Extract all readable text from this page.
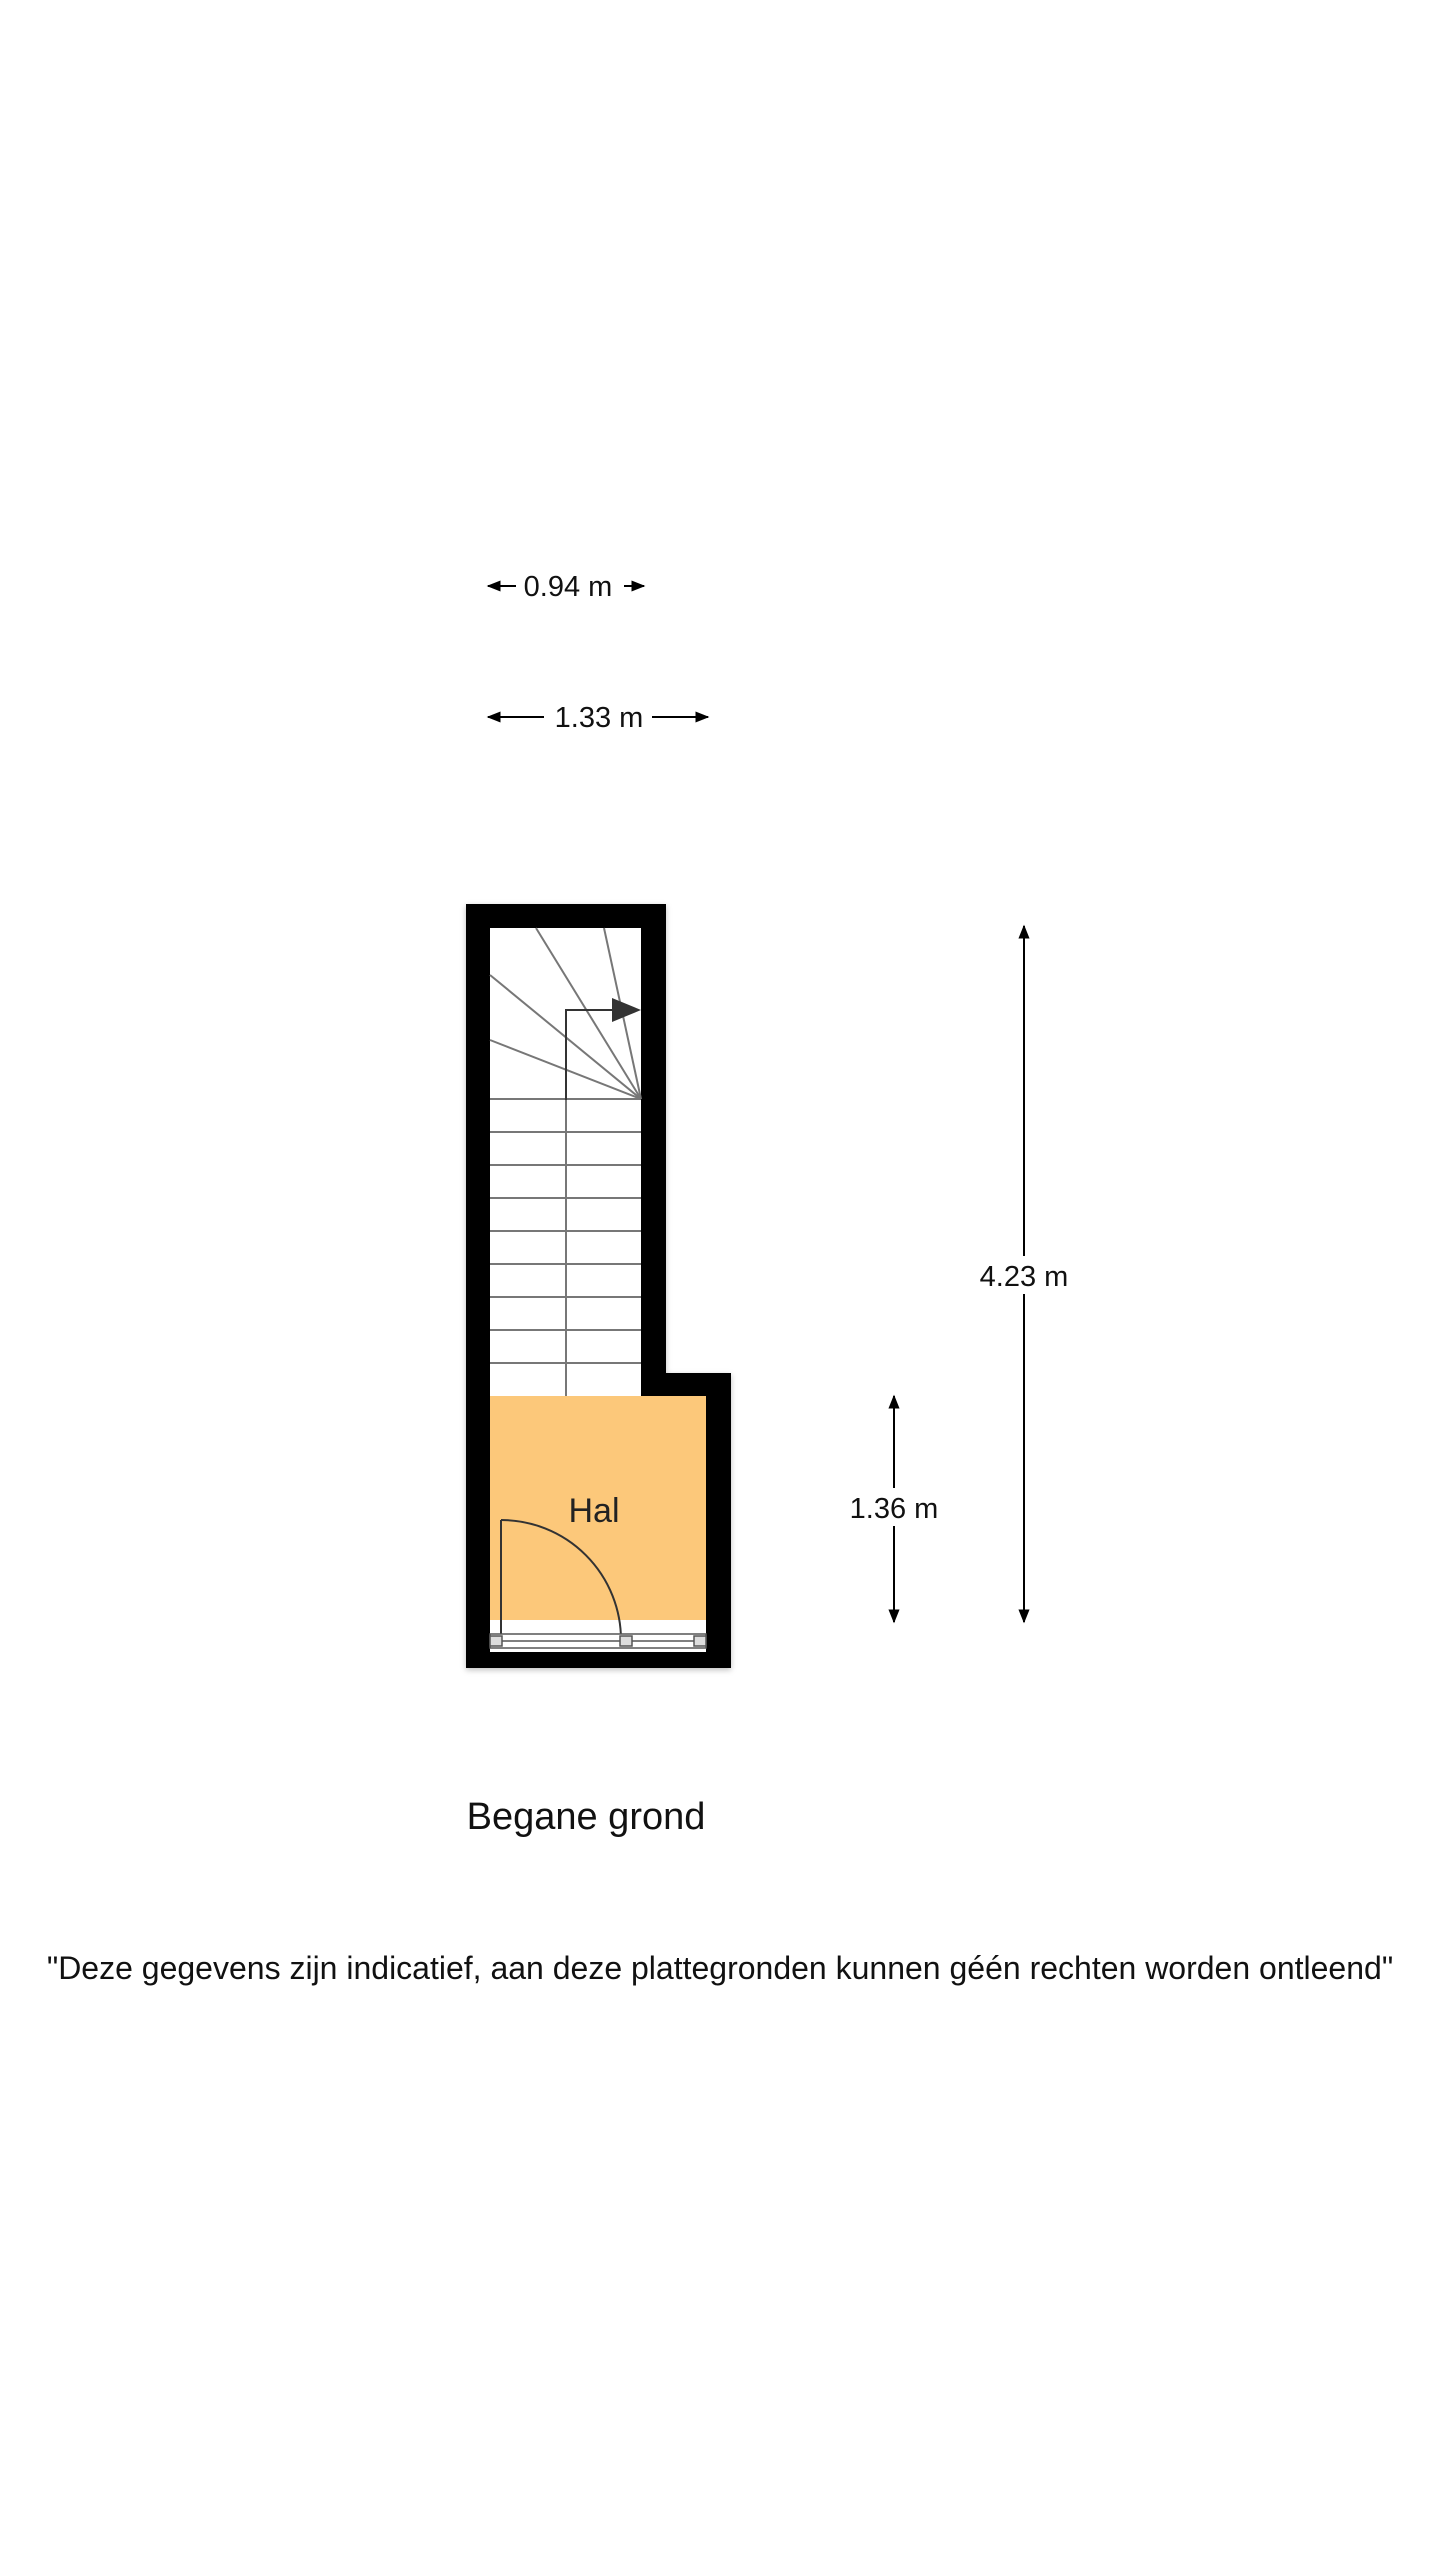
0.94 m
1.33 m
Hal
4.23 m
1.36 m
Begane grond
"Deze gegevens zijn indicatief, aan deze plattegronden kunnen géén rechten worden ontleend"
